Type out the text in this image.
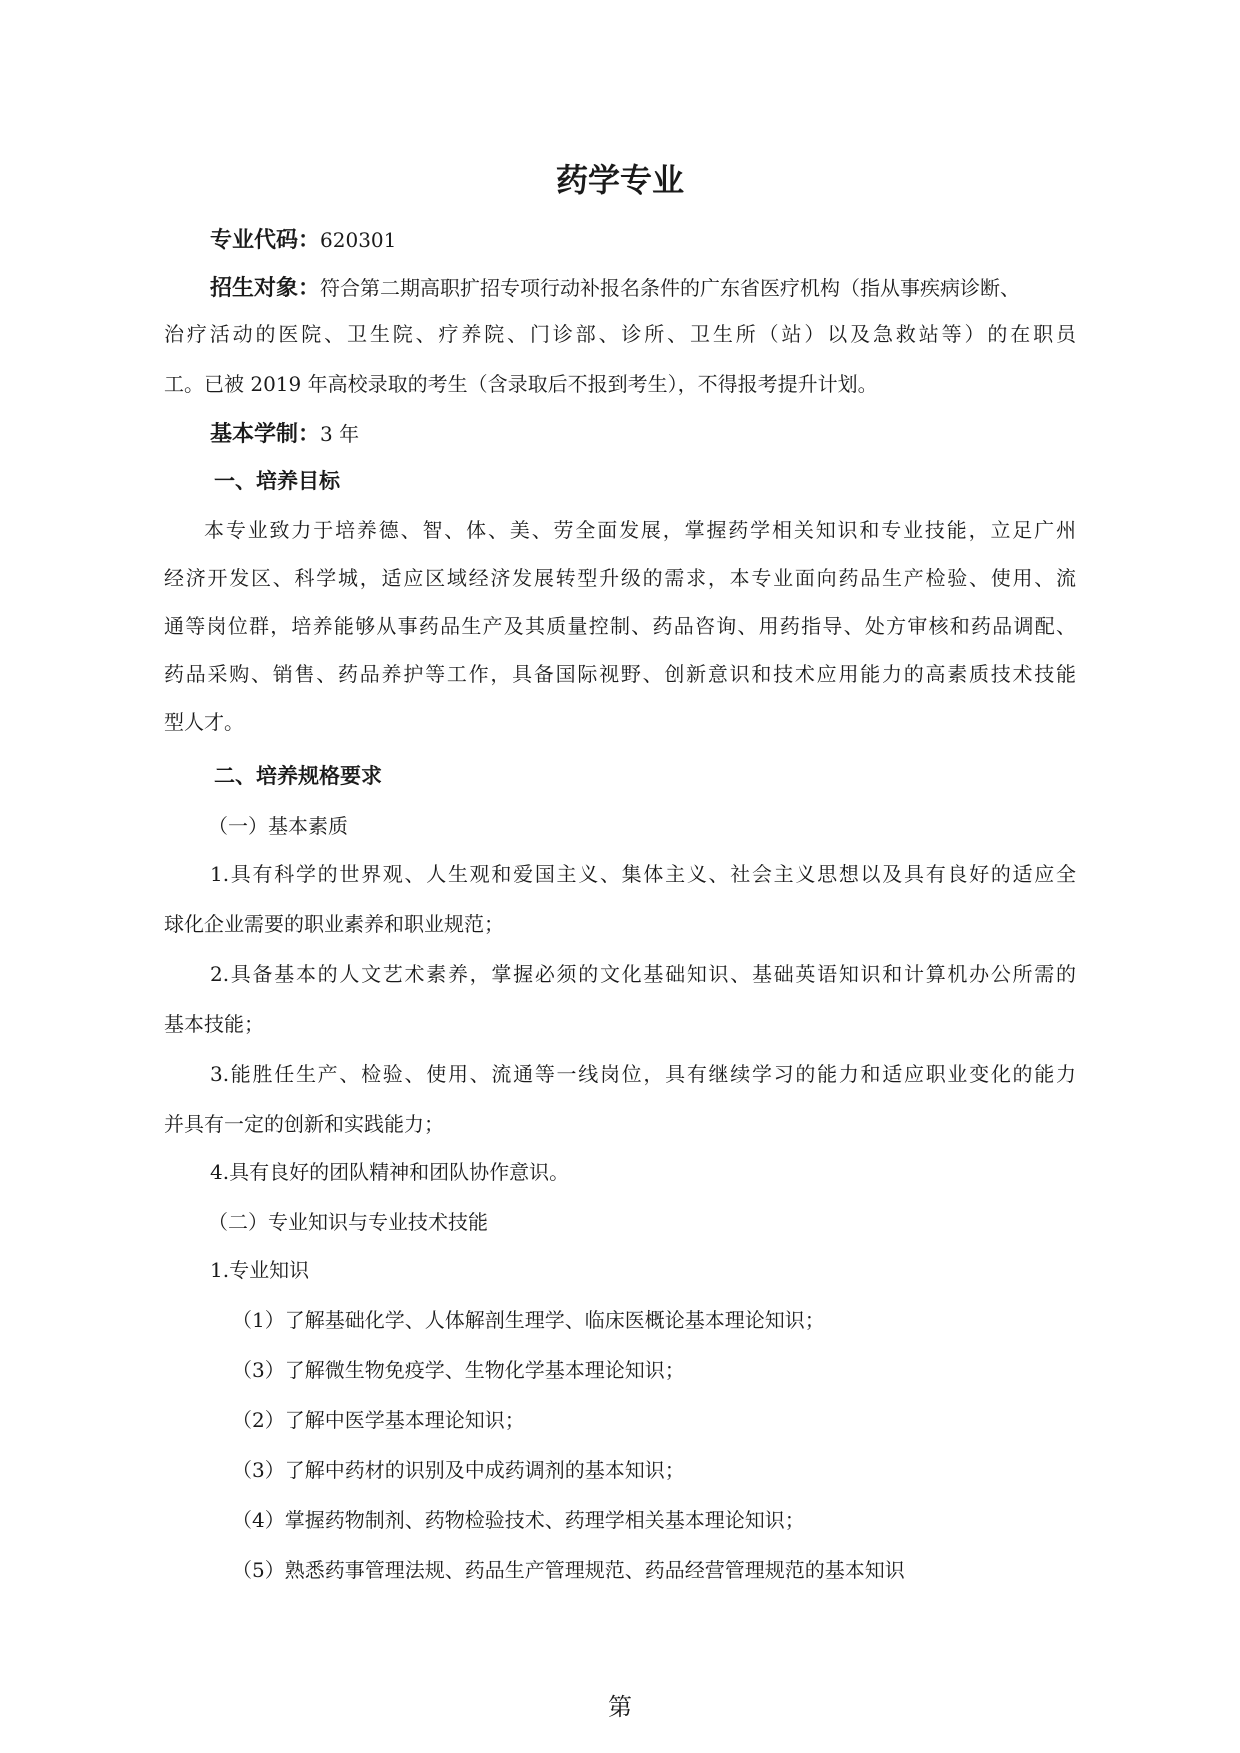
药学专业
专业代码：620301
招生对象：符合第二期高职扩招专项行动补报名条件的广东省医疗机构（指从事疾病诊断、
治疗活动的医院、卫生院、疗养院、门诊部、诊所、卫生所（站）以及急救站等）的在职员
工。已被 2019 年高校录取的考生（含录取后不报到考生），不得报考提升计划。
基本学制：3 年
一、培养目标
本专业致力于培养德、智、体、美、劳全面发展，掌握药学相关知识和专业技能，立足广州
经济开发区、科学城，适应区域经济发展转型升级的需求，本专业面向药品生产检验、使用、流
通等岗位群，培养能够从事药品生产及其质量控制、药品咨询、用药指导、处方审核和药品调配、
药品采购、销售、药品养护等工作，具备国际视野、创新意识和技术应用能力的高素质技术技能
型人才。
二、培养规格要求
（一）基本素质
1.具有科学的世界观、人生观和爱国主义、集体主义、社会主义思想以及具有良好的适应全
球化企业需要的职业素养和职业规范；
2.具备基本的人文艺术素养，掌握必须的文化基础知识、基础英语知识和计算机办公所需的
基本技能；
3.能胜任生产、检验、使用、流通等一线岗位，具有继续学习的能力和适应职业变化的能力
并具有一定的创新和实践能力；
4.具有良好的团队精神和团队协作意识。
（二）专业知识与专业技术技能
1.专业知识
（1）了解基础化学、人体解剖生理学、临床医概论基本理论知识；
（3）了解微生物免疫学、生物化学基本理论知识；
（2）了解中医学基本理论知识；
（3）了解中药材的识别及中成药调剂的基本知识；
（4）掌握药物制剂、药物检验技术、药理学相关基本理论知识；
（5）熟悉药事管理法规、药品生产管理规范、药品经营管理规范的基本知识
第
